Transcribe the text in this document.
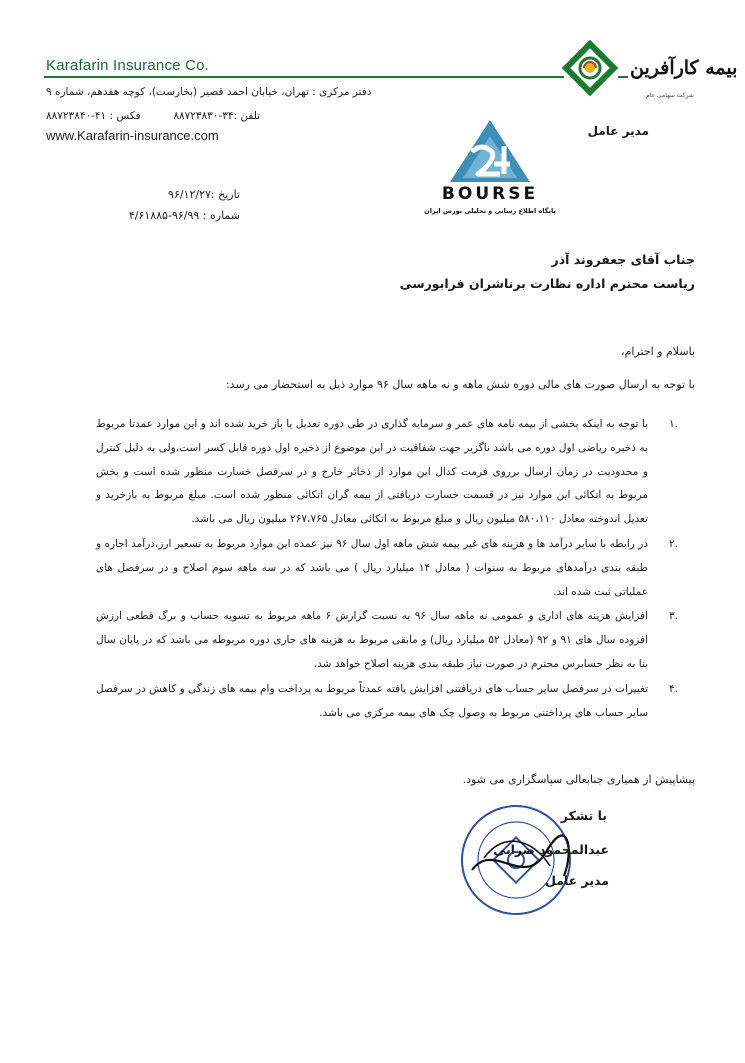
Karafarin Insurance Co.	بیمه کارآفرین
شرکت سهامی عام
دفتر مرکزی : تهران، خیابان احمد قصیر (بخارست)، کوچه هفدهم، شماره ۹
تلفن :۳۴-۸۸۷۲۳۸۳۰  فکس : ۴۱-۸۸۷۲۳۸۴۰
www.Karafarin-insurance.com	مدیر عامل
BOURSE
پایگاه اطلاع رسانی و تحلیلی بورس ایران
تاریخ :۹۶/۱۲/۲۷
شماره : ۹۶/۹۹-۴/۶۱۸۸۵
جناب آقای جعفروند آذر
ریاست محترم اداره نظارت برناشران فرابورسی
باسلام و احترام،
با توجه به ارسال صورت های مالی دوره شش ماهه و نه ماهه سال ۹۶ موارد ذیل به استحضار می رسد:
.۱
با توجه به اینکه بخشی از بیمه نامه های عمر و سرمایه گذاری در طی دوره تعدیل یا باز خرید شده اند و این موارد عمدتا مربوط به ذخیره ریاضی اول دوره می باشد ناگزیر جهت شفافیت در این موضوع از ذخیره اول دوره قابل کسر است،ولی به دلیل کنترل و محدودیت در زمان ارسال برروی فرمت کدال این موارد از ذخائر خارج و در سرفصل خسارت منظور شده است و بخش مربوط به اتکائی این موارد نیز در قسمت خسارت دریافتی از بیمه گران اتکائی منظور شده است. مبلغ مربوط به بازخرید و تعدیل اندوخته معادل ۵۸۰،۱۱۰ میلیون ریال و مبلغ مربوط به اتکائی معادل ۲۶۷،۷۶۵ میلیون ریال می باشد.
.۲
در رابطه با سایر درآمد ها و هزینه های غیر بیمه شش ماهه اول سال ۹۶ نیز عمده این موارد مربوط به تسعیر ارز،درآمد اجاره و طبقه بندی درآمدهای مربوط به سنوات ( معادل ۱۴ میلیارد ریال ) می باشد که در سه ماهه سوم اصلاح و در سرفصل های عملیاتی ثبت شده اند.
.۳
افزایش هزینه های اداری و عمومی نه ماهه سال ۹۶ به نسبت گزارش ۶ ماهه مربوط به تسویه حساب و برگ قطعی ارزش افزوده سال های ۹۱ و ۹۲ (معادل ۵۲ میلیارد ریال) و مابقی مربوط به هزینه های جاری دوره مربوطه می باشد که در پایان سال بنا به نظر حسابرس محترم در صورت نیاز طبقه بندی هزینه اصلاح خواهد شد.
.۴
تغییرات در سرفصل سایر حساب های دریافتنی افزایش یافته عمدتاً مربوط به پرداخت وام بیمه های زندگی و کاهش در سرفصل سایر حساب های پرداختنی مربوط به وصول چک های بیمه مرکزی می باشد.
پیشاپیش از همیاری جنابعالی سپاسگزاری می شود.
با تشکر
عبدالمحمود ضرابی
مدیر عامل
